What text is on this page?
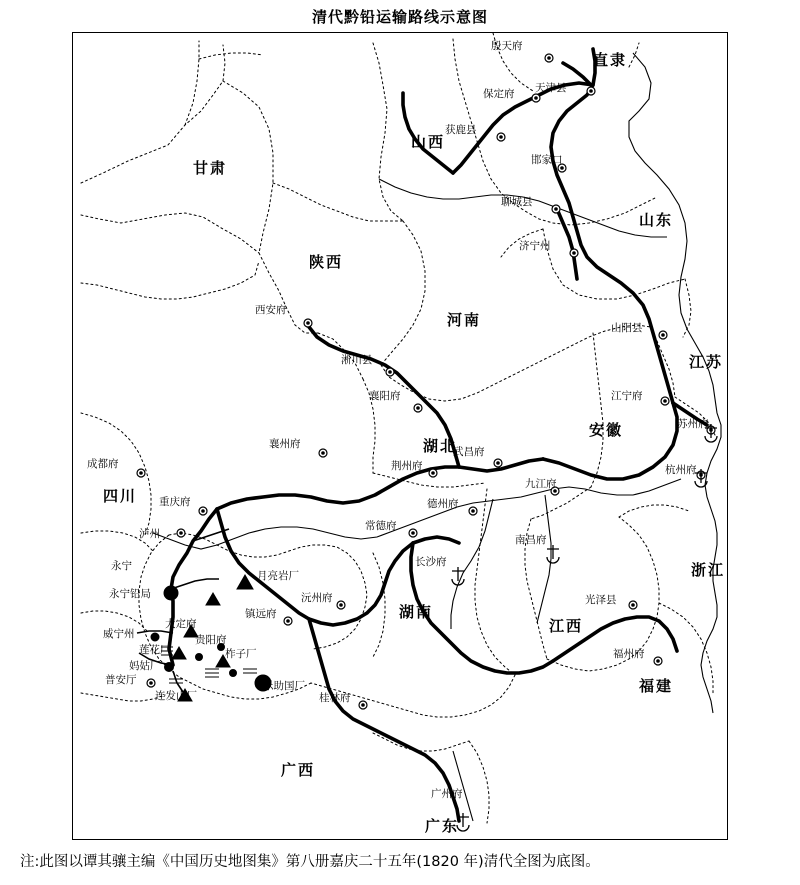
清代黔铅运输路线示意图
甘肃
陕西
山西
直隶
山东
河南
江苏
湖北
安徽
浙江
四川
湖南
江西
福建
广西
广东
殷天府
天津县
保定府
获鹿县
邯家口
聊城县
济宁州
西安府
淅川县
襄阳府
山阳县
江宁府
苏州府
杭州府
襄州府
荆州府
武昌府
九江府
南昌府
德州府
常德府
长沙府
沅州府
镇远府
光泽县
福州府
桂林府
广州府
成都府
重庆府
泸州
永宁
贵阳府
普安厅
月亮岩厂
永宁铅局
大定府
威宁州
莲花厂
妈姑厂
柞子厂
乐助国厂
连发山厂
注:此图以谭其骧主编《中国历史地图集》第八册嘉庆二十五年(1820 年)清代全图为底图。
